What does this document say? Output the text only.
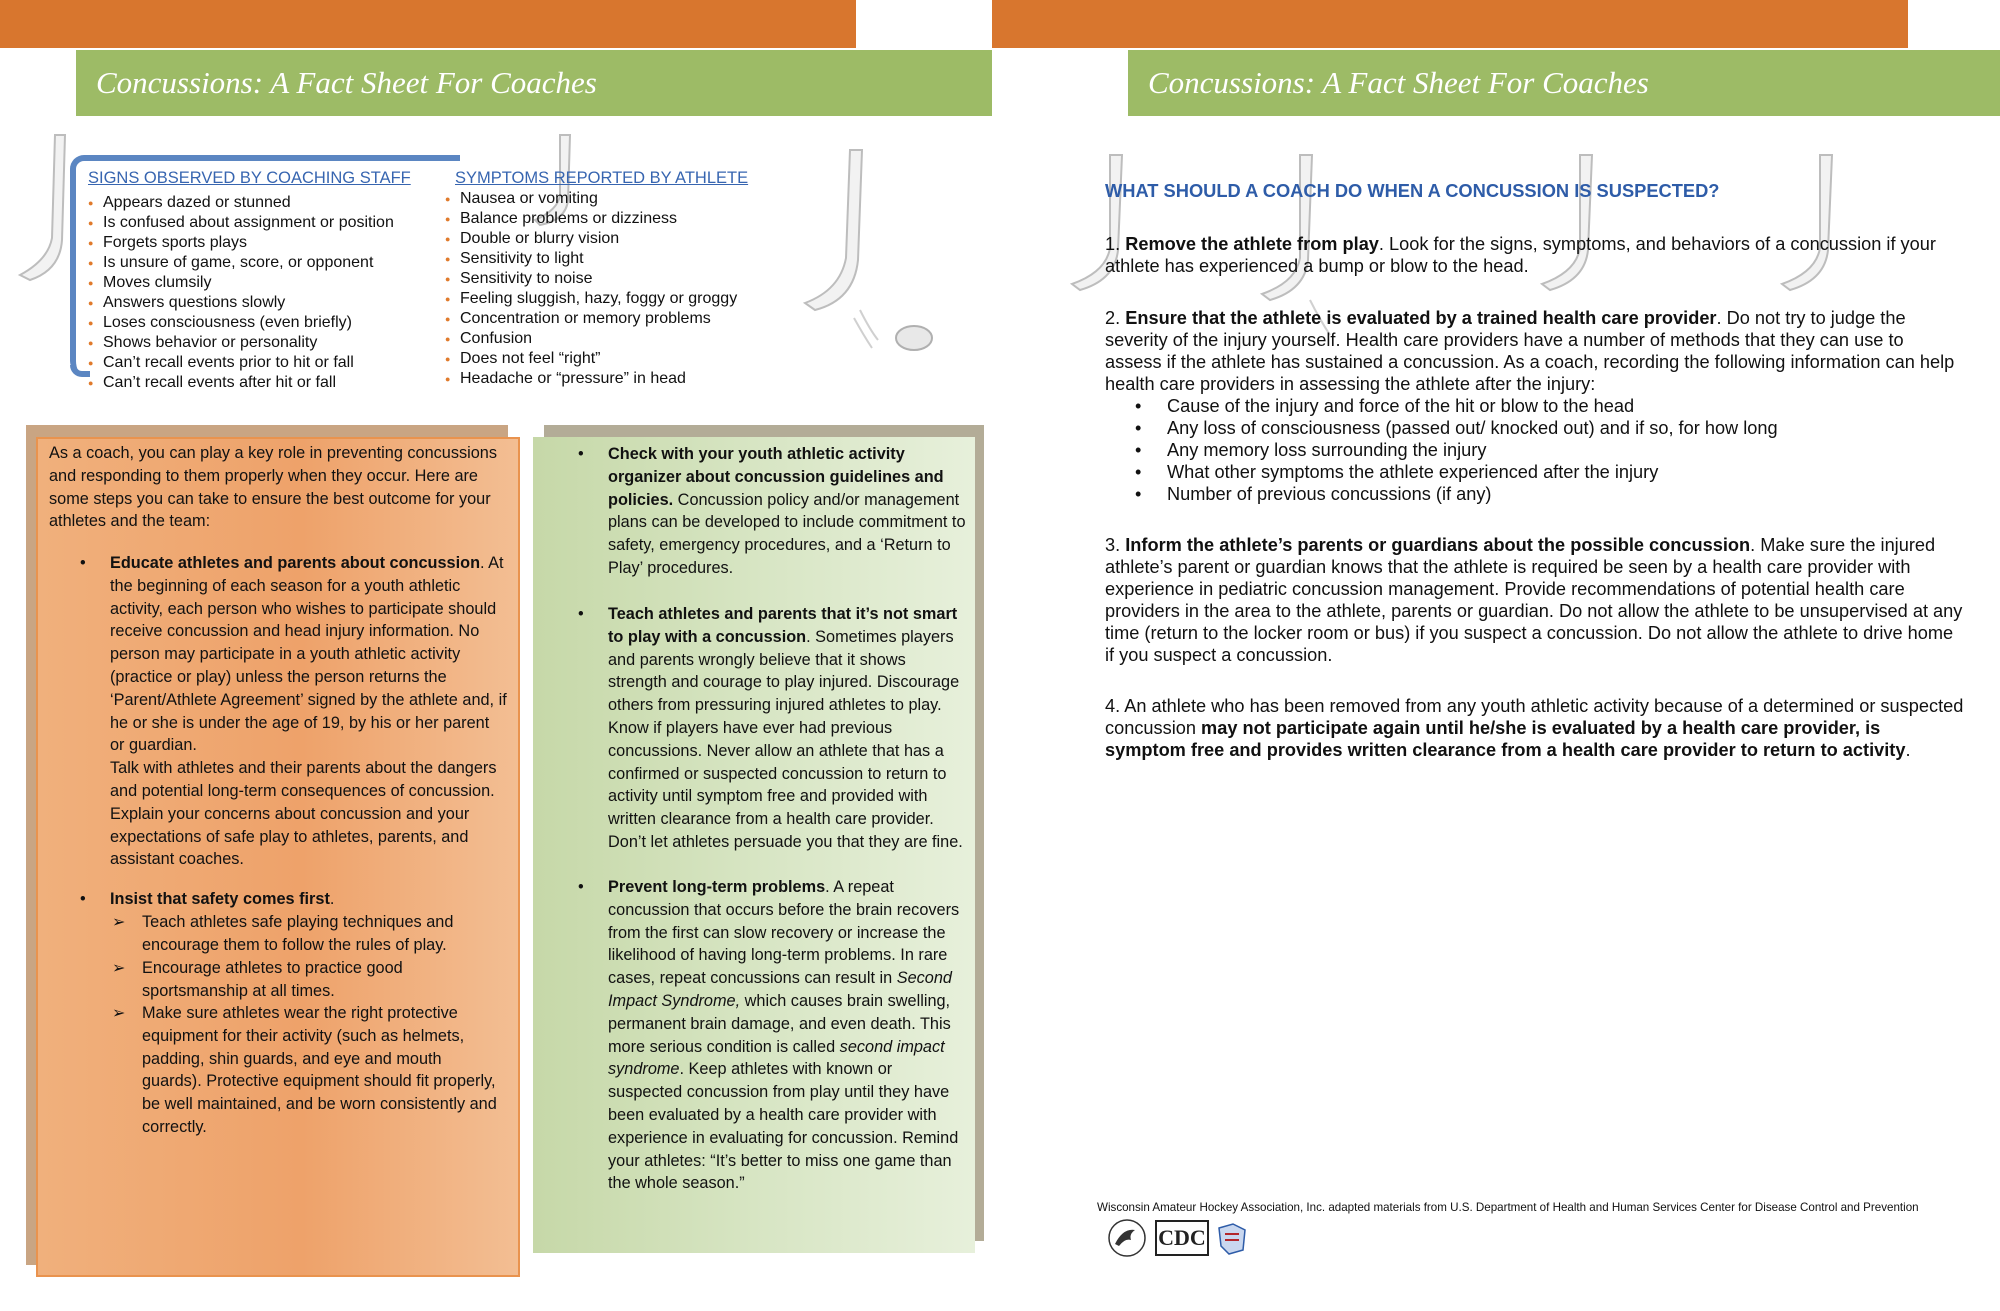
Concussions: A Fact Sheet For Coaches	Concussions: A Fact Sheet For Coaches
SIGNS OBSERVED BY COACHING STAFF
● Appears dazed or stunned
● Is confused about assignment or position
● Forgets sports plays
● Is unsure of game, score, or opponent
● Moves clumsily
● Answers questions slowly
● Loses consciousness (even briefly)
● Shows behavior or personality
● Can’t recall events prior to hit or fall
● Can’t recall events after hit or fall
SYMPTOMS REPORTED BY ATHLETE
● Nausea or vomiting
● Balance problems or dizziness
● Double or blurry vision
● Sensitivity to light
● Sensitivity to noise
● Feeling sluggish, hazy, foggy or groggy
● Concentration or memory problems
● Confusion
● Does not feel “right”
● Headache or “pressure” in head
As a coach, you can play a key role in preventing concussions and responding to them properly when they occur. Here are some steps you can take to ensure the best outcome for your athletes and the team:
• Educate athletes and parents about concussion. At the beginning of each season for a youth athletic activity, each person who wishes to participate should receive concussion and head injury information. No person may participate in a youth athletic activity (practice or play) unless the person returns the ‘Parent/Athlete Agreement’ signed by the athlete and, if he or she is under the age of 19, by his or her parent or guardian.
Talk with athletes and their parents about the dangers and potential long-term consequences of concussion. Explain your concerns about concussion and your expectations of safe play to athletes, parents, and assistant coaches.
• Insist that safety comes first.
➢ Teach athletes safe playing techniques and encourage them to follow the rules of play.
➢ Encourage athletes to practice good sportsmanship at all times.
➢ Make sure athletes wear the right protective equipment for their activity (such as helmets, padding, shin guards, and eye and mouth guards). Protective equipment should fit properly, be well maintained, and be worn consistently and correctly.
• Check with your youth athletic activity organizer about concussion guidelines and policies. Concussion policy and/or management plans can be developed to include commitment to safety, emergency procedures, and a ‘Return to Play’ procedures.
• Teach athletes and parents that it’s not smart to play with a concussion. Sometimes players and parents wrongly believe that it shows strength and courage to play injured. Discourage others from pressuring injured athletes to play. Know if players have ever had previous concussions. Never allow an athlete that has a confirmed or suspected concussion to return to activity until symptom free and provided with written clearance from a health care provider. Don’t let athletes persuade you that they are fine.
• Prevent long-term problems. A repeat concussion that occurs before the brain recovers from the first can slow recovery or increase the likelihood of having long-term problems. In rare cases, repeat concussions can result in Second Impact Syndrome, which causes brain swelling, permanent brain damage, and even death. This more serious condition is called second impact syndrome. Keep athletes with known or suspected concussion from play until they have been evaluated by a health care provider with experience in evaluating for concussion. Remind your athletes: “It’s better to miss one game than the whole season.”
WHAT SHOULD A COACH DO WHEN A CONCUSSION IS SUSPECTED?
1. Remove the athlete from play. Look for the signs, symptoms, and behaviors of a concussion if your athlete has experienced a bump or blow to the head.
2. Ensure that the athlete is evaluated by a trained health care provider. Do not try to judge the severity of the injury yourself. Health care providers have a number of methods that they can use to assess if the athlete has sustained a concussion. As a coach, recording the following information can help health care providers in assessing the athlete after the injury:
•	Cause of the injury and force of the hit or blow to the head
•	Any loss of consciousness (passed out/ knocked out) and if so, for how long
•	Any memory loss surrounding the injury
•	What other symptoms the athlete experienced after the injury
•	Number of previous concussions (if any)
3. Inform the athlete’s parents or guardians about the possible concussion. Make sure the injured athlete’s parent or guardian knows that the athlete is required be seen by a health care provider with experience in pediatric concussion management. Provide recommendations of potential health care providers in the area to the athlete, parents or guardian. Do not allow the athlete to be unsupervised at any time (return to the locker room or bus) if you suspect a concussion. Do not allow the athlete to drive home if you suspect a concussion.
4. An athlete who has been removed from any youth athletic activity because of a determined or suspected concussion may not participate again until he/she is evaluated by a health care provider, is symptom free and provides written clearance from a health care provider to return to activity.
Wisconsin Amateur Hockey Association, Inc. adapted materials from U.S. Department of Health and Human Services Center for Disease Control and Prevention
CDC
